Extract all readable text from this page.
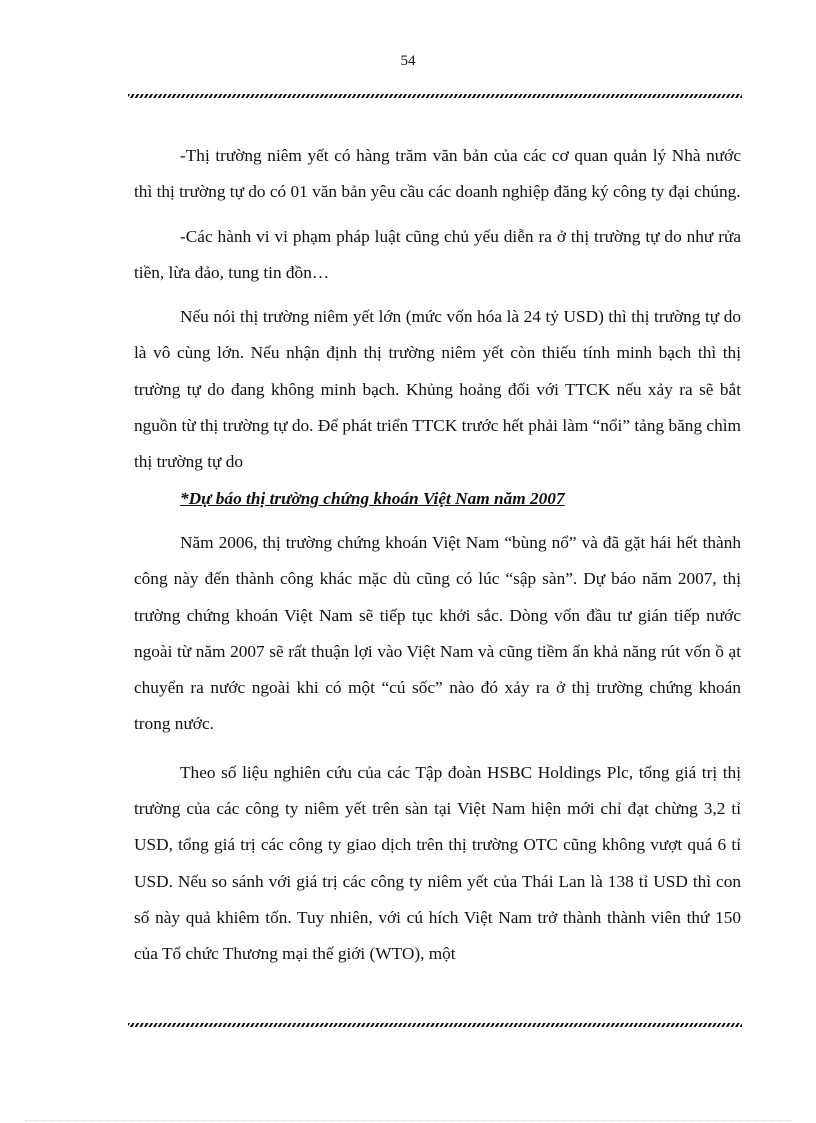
54

-Thị trường niêm yết có hàng trăm văn bản của các cơ quan quản lý Nhà nước thì thị trường tự do có 01 văn bản yêu cầu các doanh nghiệp đăng ký công ty đại chúng.

-Các hành vi vi phạm pháp luật cũng chủ yếu diễn ra ở thị trường tự do như rửa tiền, lừa đảo, tung tin đồn…

Nếu nói thị trường niêm yết lớn (mức vốn hóa là 24 tỷ USD) thì thị trường tự do là vô cùng lớn. Nếu nhận định thị trường niêm yết còn thiếu tính minh bạch thì thị trường tự do đang không minh bạch. Khủng hoảng đối với TTCK nếu xảy ra sẽ bắt nguồn từ thị trường tự do. Để phát triển TTCK trước hết phải làm “nổi” tảng băng chìm thị trường tự do

*Dự báo thị trường chứng khoán Việt Nam năm 2007

Năm 2006, thị trường chứng khoán Việt Nam “bùng nổ” và đã gặt hái hết thành công này đến thành công khác mặc dù cũng có lúc “sập sàn”. Dự báo năm 2007, thị trường chứng khoán Việt Nam sẽ tiếp tục khởi sắc. Dòng vốn đầu tư gián tiếp nước ngoài từ năm 2007 sẽ rất thuận lợi vào Việt Nam và cũng tiềm ẩn khả năng rút vốn ồ ạt chuyển ra nước ngoài khi có một “cú sốc” nào đó xảy ra ở thị trường chứng khoán trong nước.

Theo số liệu nghiên cứu của các Tập đoàn HSBC Holdings Plc, tổng giá trị thị trường của các công ty niêm yết trên sàn tại Việt Nam hiện mới chỉ đạt chừng 3,2 tỉ USD, tổng giá trị các công ty giao dịch trên thị trường OTC cũng không vượt quá 6 tỉ USD. Nếu so sánh với giá trị các công ty niêm yết của Thái Lan là 138 tỉ USD thì con số này quả khiêm tốn. Tuy nhiên, với cú hích Việt Nam trở thành thành viên thứ 150 của Tổ chức Thương mại thế giới (WTO), một
